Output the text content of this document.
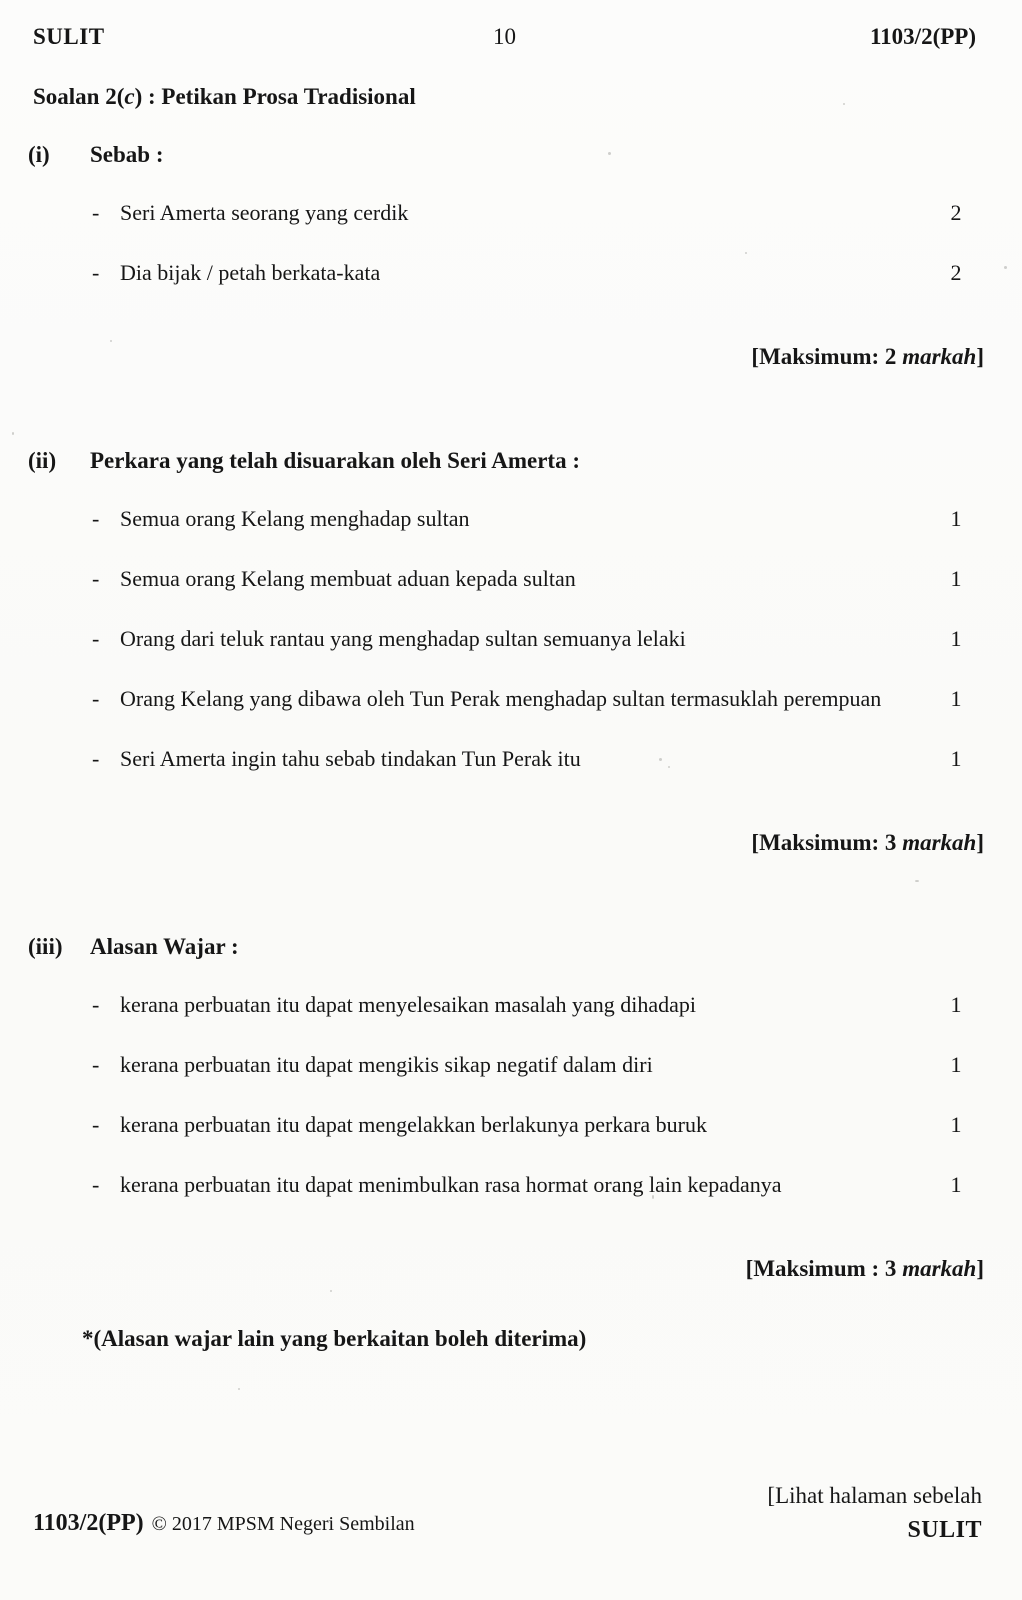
SULIT	10	1103/2(PP)
Soalan 2(c) : Petikan Prosa Tradisional
(i)	Sebab :
- Seri Amerta seorang yang cerdik	2
- Dia bijak / petah berkata-kata	2

[Maksimum: 2 markah]

(ii)	Perkara yang telah disuarakan oleh Seri Amerta :
- Semua orang Kelang menghadap sultan	1
- Semua orang Kelang membuat aduan kepada sultan	1
- Orang dari teluk rantau yang menghadap sultan semuanya lelaki	1
- Orang Kelang yang dibawa oleh Tun Perak menghadap sultan termasuklah perempuan	1
- Seri Amerta ingin tahu sebab tindakan Tun Perak itu	1

[Maksimum: 3 markah]

(iii)	Alasan Wajar :
- kerana perbuatan itu dapat menyelesaikan masalah yang dihadapi	1
- kerana perbuatan itu dapat mengikis sikap negatif dalam diri	1
- kerana perbuatan itu dapat mengelakkan berlakunya perkara buruk	1
- kerana perbuatan itu dapat menimbulkan rasa hormat orang lain kepadanya	1

[Maksimum : 3 markah]

*(Alasan wajar lain yang berkaitan boleh diterima)
1103/2(PP) © 2017 MPSM Negeri Sembilan
[Lihat halaman sebelah
SULIT
